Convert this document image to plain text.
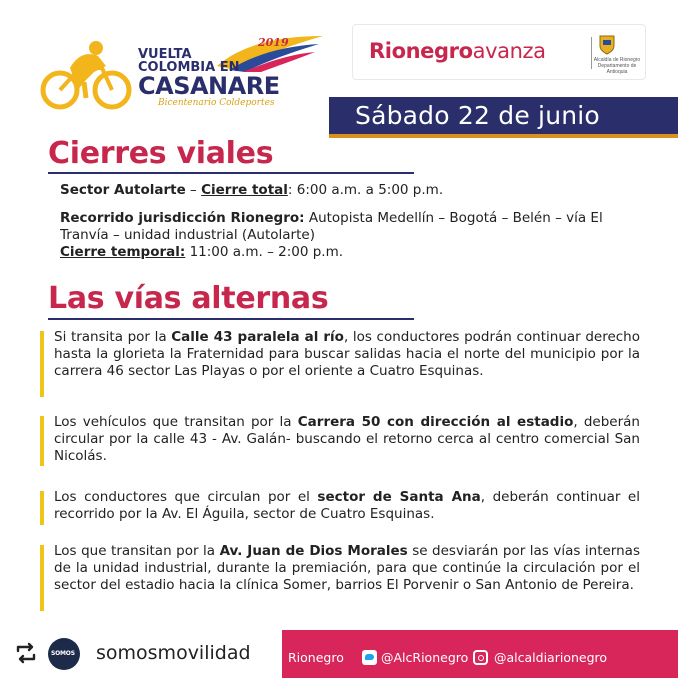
2019
VUELTA
COLOMBIA EN
CASANARE
Bicentenario Coldeportes
Rionegroavanza	Alcaldía de Rionegro Departamento de Antioquia
Sábado 22 de junio
Cierres viales
Sector Autolarte – Cierre total: 6:00 a.m. a 5:00 p.m.
Recorrido jurisdicción Rionegro: Autopista Medellín – Bogotá – Belén – vía El Tranvía – unidad industrial (Autolarte)
Cierre temporal: 11:00 a.m. – 2:00 p.m.
Las vías alternas
Si transita por la Calle 43 paralela al río, los conductores podrán continuar derecho hasta la glorieta la Fraternidad para buscar salidas hacia el norte del municipio por la carrera 46 sector Las Playas o por el oriente a Cuatro Esquinas.
Los vehículos que transitan por la Carrera 50 con dirección al estadio, deberán circular por la calle 43 - Av. Galán- buscando el retorno cerca al centro comercial San Nicolás.
Los conductores que circulan por el sector de Santa Ana, deberán continuar el recorrido por la Av. El Águila, sector de Cuatro Esquinas.
Los que transitan por la Av. Juan de Dios Morales se desviarán por las vías internas de la unidad industrial, durante la premiación, para que continúe la circulación por el sector del estadio hacia la clínica Somer, barrios El Porvenir o San Antonio de Pereira.
SOMOS somosmovilidad	Rionegro	@AlcRionegro @alcaldiarionegro
